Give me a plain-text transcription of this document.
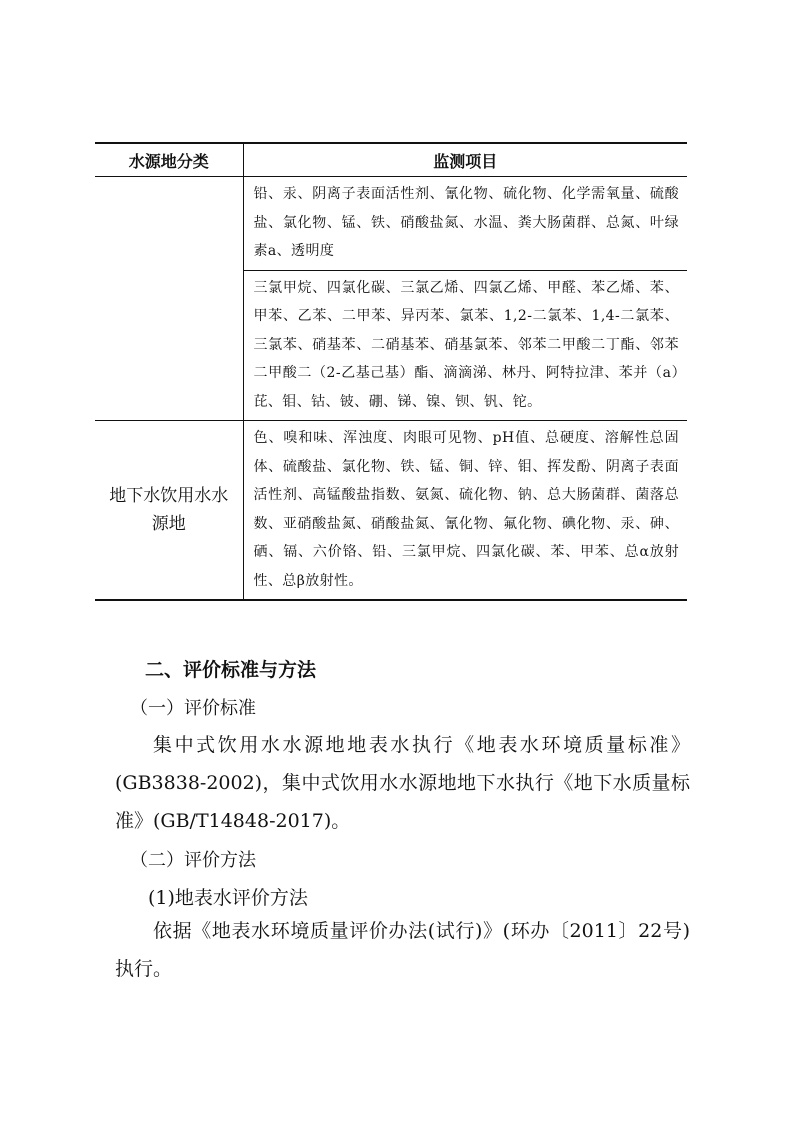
水源地分类	监测项目
	铅、汞、阴离子表面活性剂、氰化物、硫化物、化学需氧量、硫酸盐、氯化物、锰、铁、硝酸盐氮、水温、粪大肠菌群、总氮、叶绿素a、透明度
	三氯甲烷、四氯化碳、三氯乙烯、四氯乙烯、甲醛、苯乙烯、苯、甲苯、乙苯、二甲苯、异丙苯、氯苯、1,2-二氯苯、1,4-二氯苯、三氯苯、硝基苯、二硝基苯、硝基氯苯、邻苯二甲酸二丁酯、邻苯二甲酸二（2-乙基己基）酯、滴滴涕、林丹、阿特拉津、苯并（a）芘、钼、钴、铍、硼、锑、镍、钡、钒、铊。
地下水饮用水水源地	色、嗅和味、浑浊度、肉眼可见物、pH值、总硬度、溶解性总固体、硫酸盐、氯化物、铁、锰、铜、锌、钼、挥发酚、阴离子表面活性剂、高锰酸盐指数、氨氮、硫化物、钠、总大肠菌群、菌落总数、亚硝酸盐氮、硝酸盐氮、氰化物、氟化物、碘化物、汞、砷、硒、镉、六价铬、铅、三氯甲烷、四氯化碳、苯、甲苯、总α放射性、总β放射性。
二、评价标准与方法
（一）评价标准
集中式饮用水水源地地表水执行《地表水环境质量标准》(GB3838-2002)，集中式饮用水水源地地下水执行《地下水质量标准》(GB/T14848-2017)。
（二）评价方法
(1)地表水评价方法
依据《地表水环境质量评价办法(试行)》(环办〔2011〕22号)执行。
